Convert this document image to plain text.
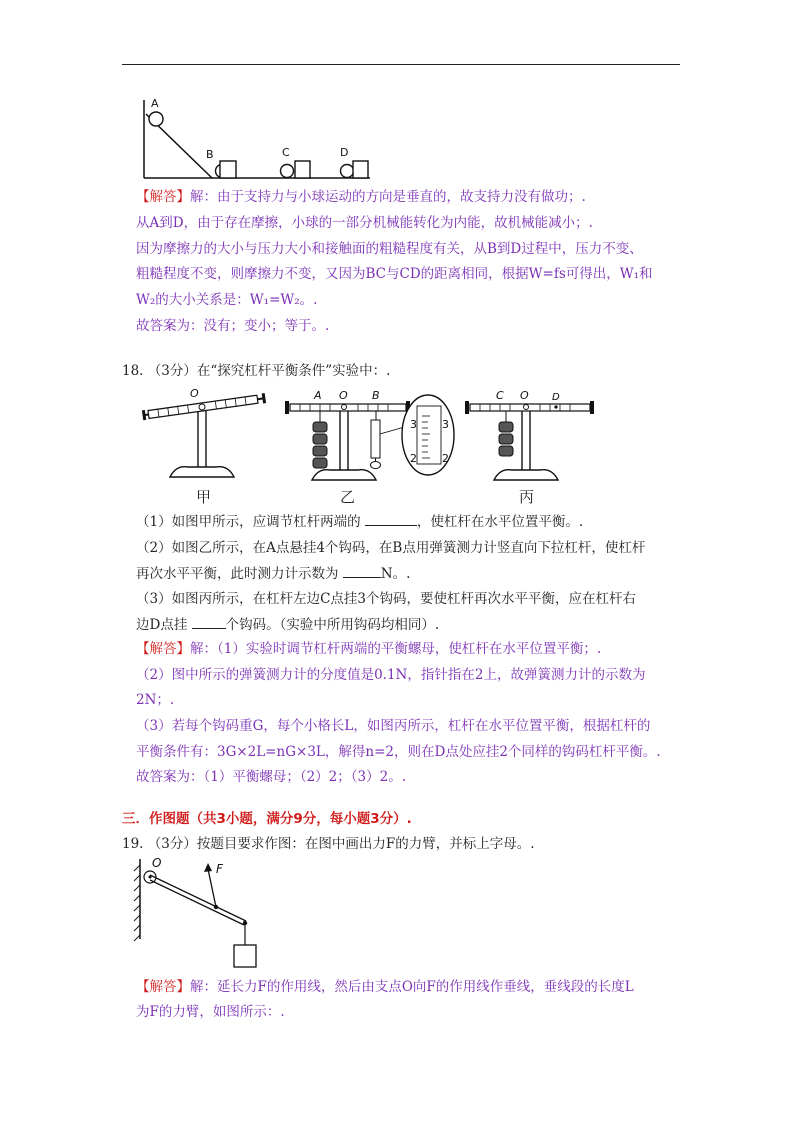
A
B	C	D
【解答】解：由于支持力与小球运动的方向是垂直的，故支持力没有做功；.
从A到D，由于存在摩擦，小球的一部分机械能转化为内能，故机械能减小；.
因为摩擦力的大小与压力大小和接触面的粗糙程度有关，从B到D过程中，压力不变、
粗糙程度不变，则摩擦力不变，又因为BC与CD的距离相同，根据W=fs可得出，W₁和
W₂的大小关系是：W₁=W₂。.
故答案为：没有；变小；等于。.
18. （3分）在“探究杠杆平衡条件”实验中：.
O
甲
A O B
3 3
2 2
乙
C O D
丙
（1）如图甲所示，应调节杠杆两端的	，使杠杆在水平位置平衡。.
（2）如图乙所示，在A点悬挂4个钩码，在B点用弹簧测力计竖直向下拉杠杆，使杠杆
再次水平平衡，此时测力计示数为	N。.
（3）如图丙所示，在杠杆左边C点挂3个钩码，要使杠杆再次水平平衡，应在杠杆右
边D点挂	个钩码。（实验中所用钩码均相同）.
【解答】解：（1）实验时调节杠杆两端的平衡螺母，使杠杆在水平位置平衡；.
（2）图中所示的弹簧测力计的分度值是0.1N，指针指在2上，故弹簧测力计的示数为
2N；.
（3）若每个钩码重G，每个小格长L，如图丙所示，杠杆在水平位置平衡，根据杠杆的
平衡条件有：3G×2L=nG×3L，解得n=2，则在D点处应挂2个同样的钩码杠杆平衡。.
故答案为：（1）平衡螺母；（2）2；（3）2。.
三．作图题（共3小题，满分9分，每小题3分）.
19. （3分）按题目要求作图：在图中画出力F的力臂，并标上字母。.
F
O
【解答】解：延长力F的作用线，然后由支点O向F的作用线作垂线，垂线段的长度L
为F的力臂，如图所示：.
